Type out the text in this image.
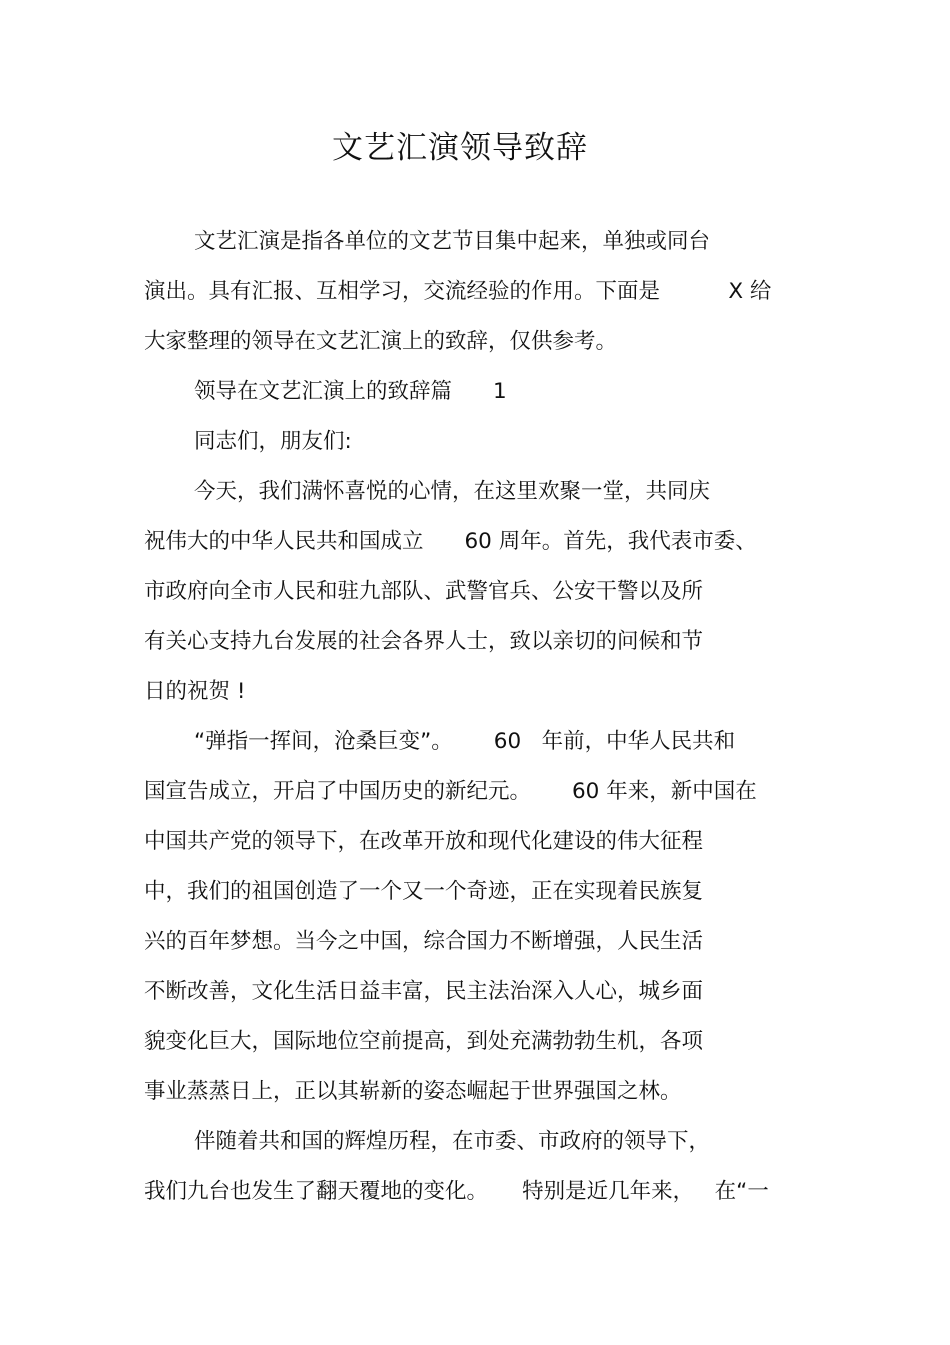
文艺汇演领导致辞
文艺汇演是指各单位的文艺节目集中起来，单独或同台
演出。具有汇报、互相学习，交流经验的作用。下面是          X 给
大家整理的领导在文艺汇演上的致辞，仅供参考。
领导在文艺汇演上的致辞篇      1
同志们，朋友们:
今天，我们满怀喜悦的心情，在这里欢聚一堂，共同庆
祝伟大的中华人民共和国成立      60 周年。首先，我代表市委、
市政府向全市人民和驻九部队、武警官兵、公安干警以及所
有关心支持九台发展的社会各界人士，致以亲切的问候和节
日的祝贺 !
“弹指一挥间，沧桑巨变”。      60   年前，中华人民共和
国宣告成立，开启了中国历史的新纪元。      60 年来，新中国在
中国共产党的领导下，在改革开放和现代化建设的伟大征程
中，我们的祖国创造了一个又一个奇迹，正在实现着民族复
兴的百年梦想。当今之中国，综合国力不断增强，人民生活
不断改善，文化生活日益丰富，民主法治深入人心，城乡面
貌变化巨大，国际地位空前提高，到处充满勃勃生机，各项
事业蒸蒸日上，正以其崭新的姿态崛起于世界强国之林。
伴随着共和国的辉煌历程，在市委、市政府的领导下，
我们九台也发生了翻天覆地的变化。     特别是近几年来，   在“一
